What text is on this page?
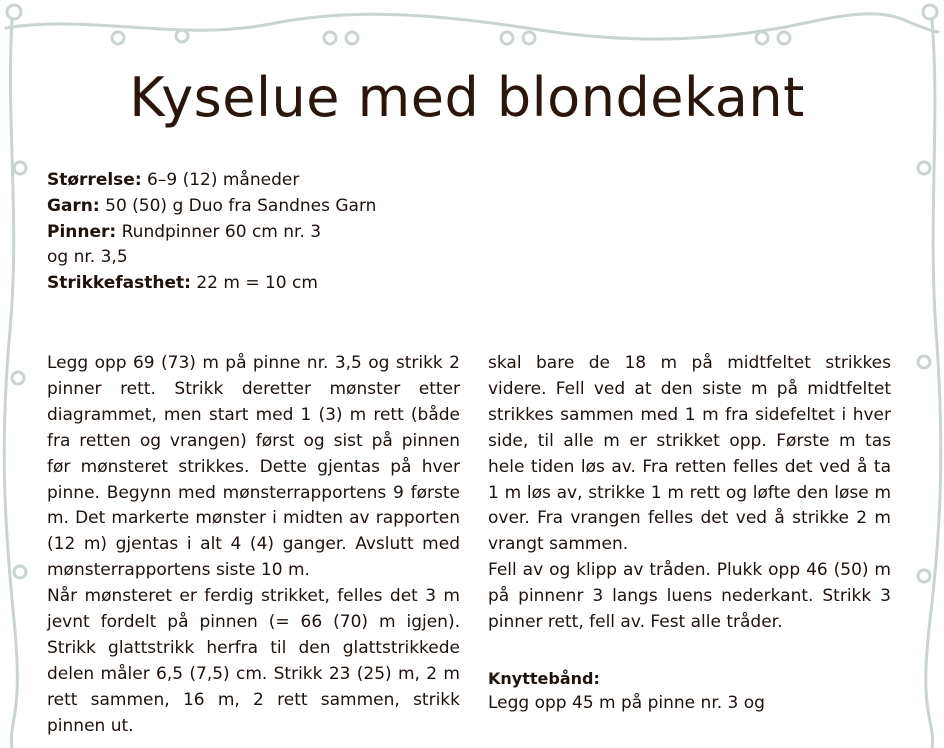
Kyselue med blondekant
Størrelse: 6–9 (12) måneder
Garn: 50 (50) g Duo fra Sandnes Garn
Pinner: Rundpinner 60 cm nr. 3
og nr. 3,5
Strikkefasthet: 22 m = 10 cm

Legg opp 69 (73) m på pinne nr. 3,5 og strikk 2 pinner rett. Strikk deretter mønster etter diagrammet, men start med 1 (3) m rett (både fra retten og vrangen) først og sist på pinnen før mønsteret strikkes. Dette gjentas på hver pinne. Begynn med mønsterrapportens 9 første m. Det markerte mønster i midten av rapporten (12 m) gjentas i alt 4 (4) ganger. Avslutt med mønsterrapportens siste 10 m.

Når mønsteret er ferdig strikket, felles det 3 m jevnt fordelt på pinnen (= 66 (70) m igjen). Strikk glattstrikk herfra til den glattstrikkede delen måler 6,5 (7,5) cm. Strikk 23 (25) m, 2 m rett sammen, 16 m, 2 rett sammen, strikk pinnen ut.

skal bare de 18 m på midtfeltet strikkes videre. Fell ved at den siste m på midtfeltet strikkes sammen med 1 m fra sidefeltet i hver side, til alle m er strikket opp. Første m tas hele tiden løs av. Fra retten felles det ved å ta 1 m løs av, strikke 1 m rett og løfte den løse m over. Fra vrangen felles det ved å strikke 2 m vrangt sammen.

Fell av og klipp av tråden. Plukk opp 46 (50) m på pinnenr 3 langs luens nederkant. Strikk 3 pinner rett, fell av. Fest alle tråder.

Knyttebånd:

Legg opp 45 m på pinne nr. 3 og
